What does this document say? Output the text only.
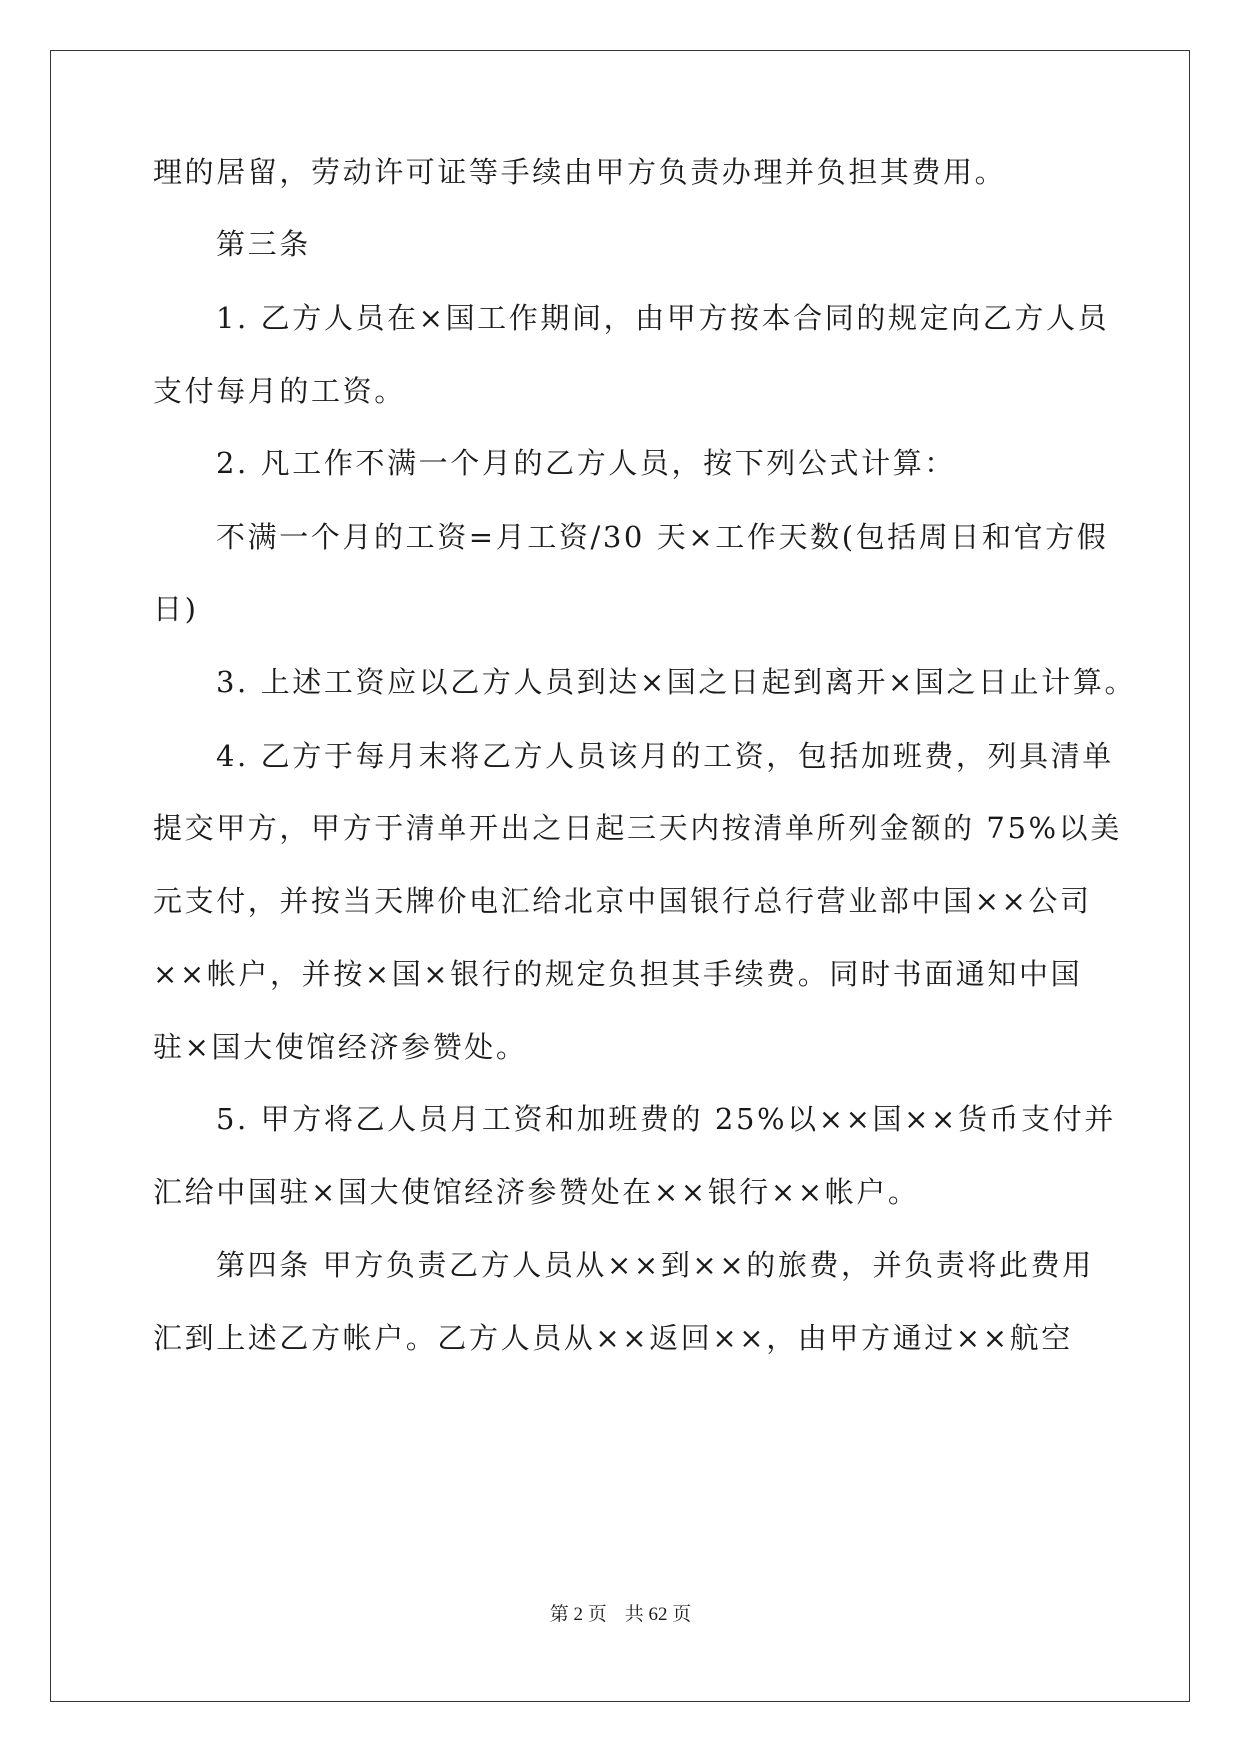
理的居留，劳动许可证等手续由甲方负责办理并负担其费用。
第三条
1. 乙方人员在×国工作期间，由甲方按本合同的规定向乙方人员
支付每月的工资。
2. 凡工作不满一个月的乙方人员，按下列公式计算：
不满一个月的工资=月工资/30 天×工作天数(包括周日和官方假
日)
3. 上述工资应以乙方人员到达×国之日起到离开×国之日止计算。
4. 乙方于每月末将乙方人员该月的工资，包括加班费，列具清单
提交甲方，甲方于清单开出之日起三天内按清单所列金额的 75%以美
元支付，并按当天牌价电汇给北京中国银行总行营业部中国××公司
××帐户，并按×国×银行的规定负担其手续费。同时书面通知中国
驻×国大使馆经济参赞处。
5. 甲方将乙人员月工资和加班费的 25%以××国××货币支付并
汇给中国驻×国大使馆经济参赞处在××银行××帐户。
第四条 甲方负责乙方人员从××到××的旅费，并负责将此费用
汇到上述乙方帐户。乙方人员从××返回××，由甲方通过××航空
第 2 页 共 62 页
